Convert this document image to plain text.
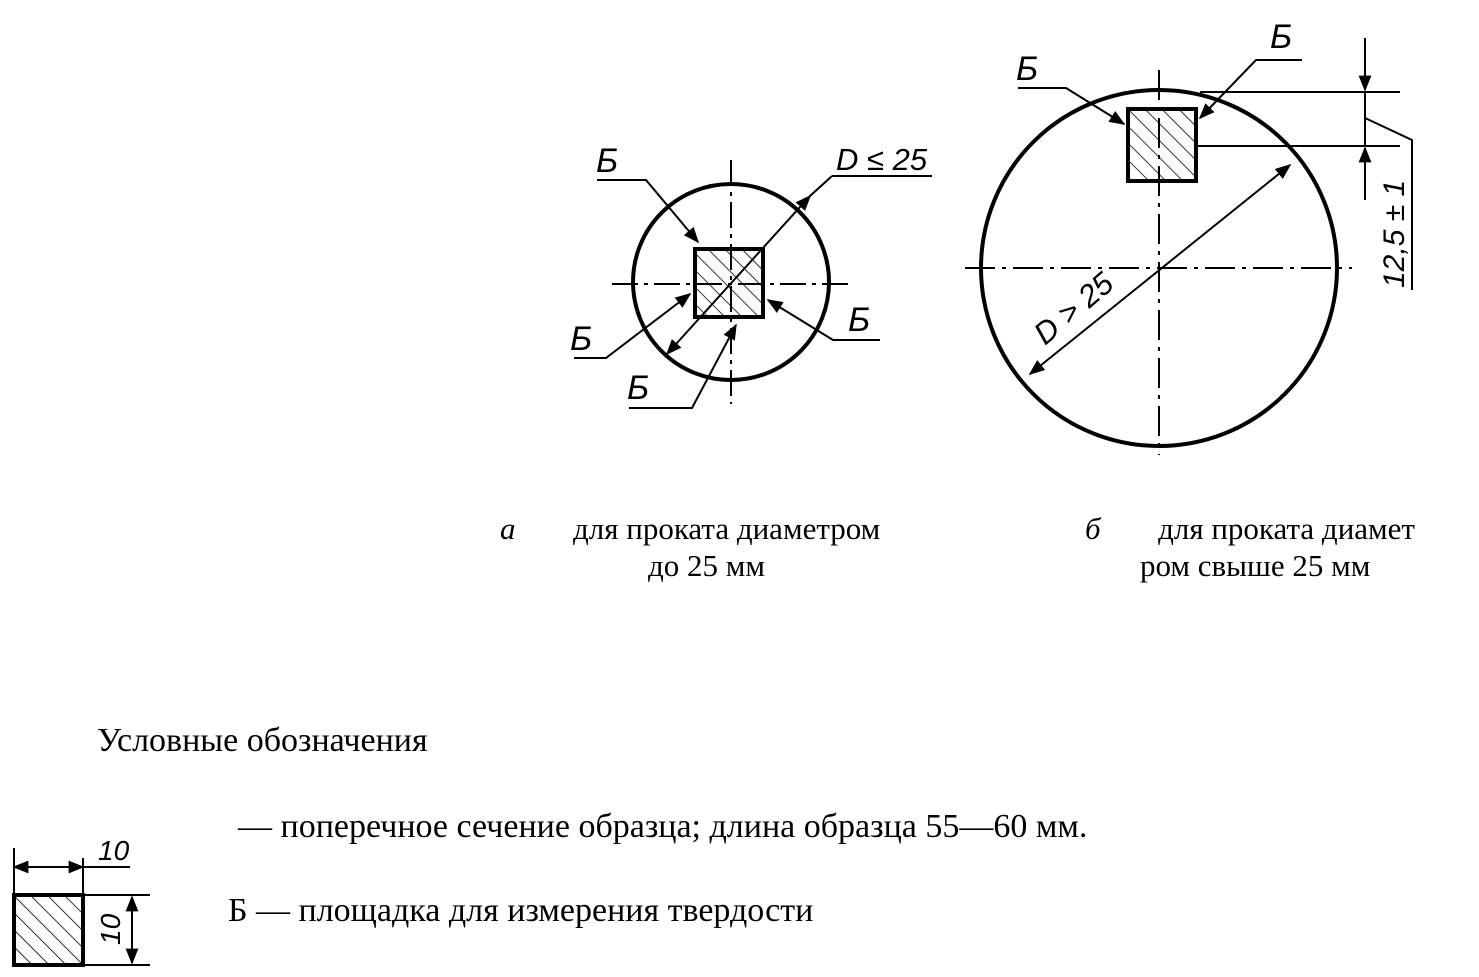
D ≤ 25
Б
Б
Б
Б	D > 25
12,5 ± 1
Б
Б
10
10
а для проката диаметром
до 25 мм
б для проката диамет
ром свыше 25 мм
Условные обозначения
— поперечное сечение образца; длина образца 55—60 мм.
Б — площадка для измерения твердости
